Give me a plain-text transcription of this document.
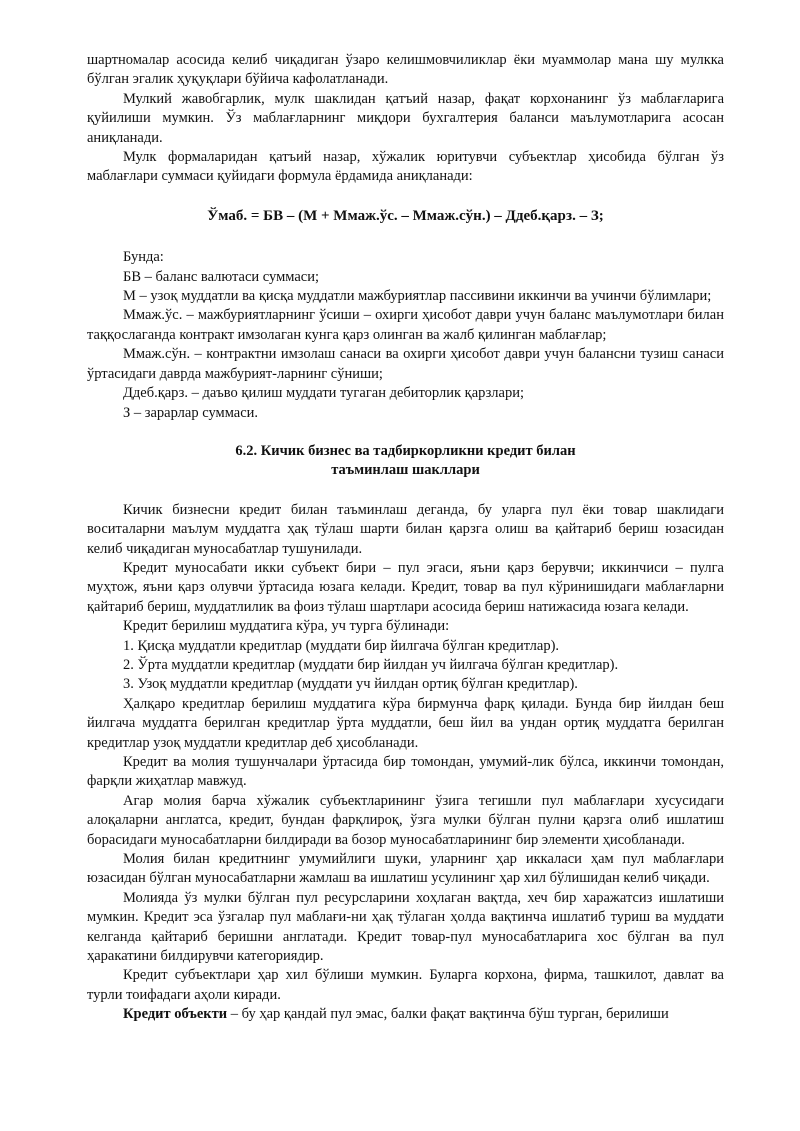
шартномалар асосида келиб чиқадиган ўзаро келишмовчиликлар ёки муаммолар мана шу мулкка бўлган эгалик ҳуқуқлари бўйича кафолатланади.

Мулкий жавобгарлик, мулк шаклидан қатъий назар, фақат корхонанинг ўз маблағларига қуйилиши мумкин. Ўз маблағларнинг миқдори бухгалтерия баланси маълумотларига асосан аниқланади.

Мулк формаларидан қатъий назар, хўжалик юритувчи субъектлар ҳисобида бўлган ўз маблағлари суммаси қуйидаги формула ёрдамида аниқланади:

Ўмаб. = БВ – (М + Ммаж.ўс. – Ммаж.сўн.) – Ддеб.қарз. – З;

Бунда:

БВ – баланс валютаси суммаси;

М – узоқ муддатли ва қисқа муддатли мажбуриятлар пассивини иккинчи ва учинчи бўлимлари;

Ммаж.ўс. – мажбуриятларнинг ўсиши – охирги ҳисобот даври учун баланс маълумотлари билан таққослаганда контракт имзолаган кунга қарз олинган ва жалб қилинган маблағлар;

Ммаж.сўн. – контрактни имзолаш санаси ва охирги ҳисобот даври учун балансни тузиш санаси ўртасидаги даврда мажбурият-ларнинг сўниши;

Ддеб.қарз. – даъво қилиш муддати тугаган дебиторлик қарзлари;

З – зарарлар суммаси.

6.2. Кичик бизнес ва тадбиркорликни кредит билан
таъминлаш шакллари

Кичик бизнесни кредит билан таъминлаш деганда, бу уларга пул ёки товар шаклидаги воситаларни маълум муддатга ҳақ тўлаш шарти билан қарзга олиш ва қайтариб бериш юзасидан келиб чиқадиган муносабатлар тушунилади.

Кредит муносабати икки субъект бири – пул эгаси, яъни қарз берувчи; иккинчиси – пулга муҳтож, яъни қарз олувчи ўртасида юзага келади. Кредит, товар ва пул кўринишидаги маблағларни қайтариб бериш, муддатлилик ва фоиз тўлаш шартлари асосида бериш натижасида юзага келади.

Кредит берилиш муддатига кўра, уч турга бўлинади:

1. Қисқа муддатли кредитлар (муддати бир йилгача бўлган кредитлар).

2. Ўрта муддатли кредитлар (муддати бир йилдан уч йилгача бўлган кредитлар).

3. Узоқ муддатли кредитлар (муддати уч йилдан ортиқ бўлган кредитлар).

Ҳалқаро кредитлар берилиш муддатига кўра бирмунча фарқ қилади. Бунда бир йилдан беш йилгача муддатга берилган кредитлар ўрта муддатли, беш йил ва ундан ортиқ муддатга берилган кредитлар узоқ муддатли кредитлар деб ҳисобланади.

Кредит ва молия тушунчалари ўртасида бир томондан, умумий-лик бўлса, иккинчи томондан, фарқли жиҳатлар мавжуд.

Агар молия барча хўжалик субъектларининг ўзига тегишли пул маблағлари хусусидаги алоқаларни англатса, кредит, бундан фарқлироқ, ўзга мулки бўлган пулни қарзга олиб ишлатиш борасидаги муносабатларни билдиради ва бозор муносабатларининг бир элементи ҳисобланади.

Молия билан кредитнинг умумийлиги шуки, уларнинг ҳар иккаласи ҳам пул маблағлари юзасидан бўлган муносабатларни жамлаш ва ишлатиш усулининг ҳар хил бўлишидан келиб чиқади.

Молияда ўз мулки бўлган пул ресурсларини хоҳлаган вақтда, хеч бир харажатсиз ишлатиши мумкин. Кредит эса ўзгалар пул маблағи-ни ҳақ тўлаган ҳолда вақтинча ишлатиб туриш ва муддати келганда қайтариб беришни англатади. Кредит товар-пул муносабатларига хос бўлган ва пул ҳаракатини билдирувчи категориядир.

Кредит субъектлари ҳар хил бўлиши мумкин. Буларга корхона, фирма, ташкилот, давлат ва турли тоифадаги аҳоли киради.

Кредит объекти – бу ҳар қандай пул эмас, балки фақат вақтинча бўш турган, берилиши
